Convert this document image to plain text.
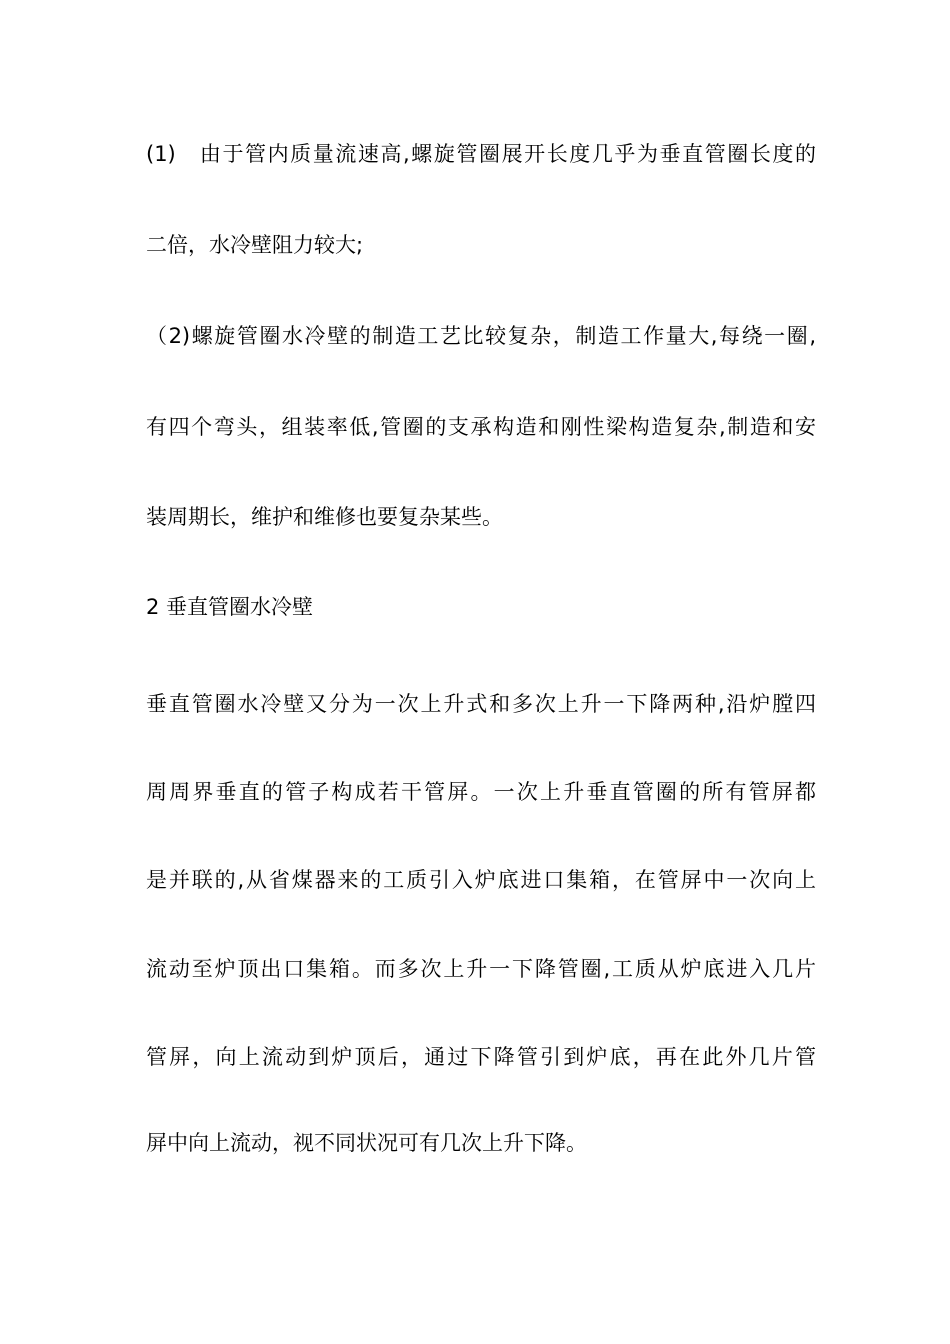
(1)　由于管内质量流速高,螺旋管圈展开长度几乎为垂直管圈长度的
二倍，水冷壁阻力较大;
（2)螺旋管圈水冷壁的制造工艺比较复杂，制造工作量大,每绕一圈,
有四个弯头，组装率低,管圈的支承构造和刚性梁构造复杂,制造和安
装周期长，维护和维修也要复杂某些。
2 垂直管圈水冷壁
垂直管圈水冷壁又分为一次上升式和多次上升一下降两种,沿炉膛四
周周界垂直的管子构成若干管屏。一次上升垂直管圈的所有管屏都
是并联的,从省煤器来的工质引入炉底进口集箱，在管屏中一次向上
流动至炉顶出口集箱。而多次上升一下降管圈,工质从炉底进入几片
管屏，向上流动到炉顶后，通过下降管引到炉底，再在此外几片管
屏中向上流动，视不同状况可有几次上升下降。
